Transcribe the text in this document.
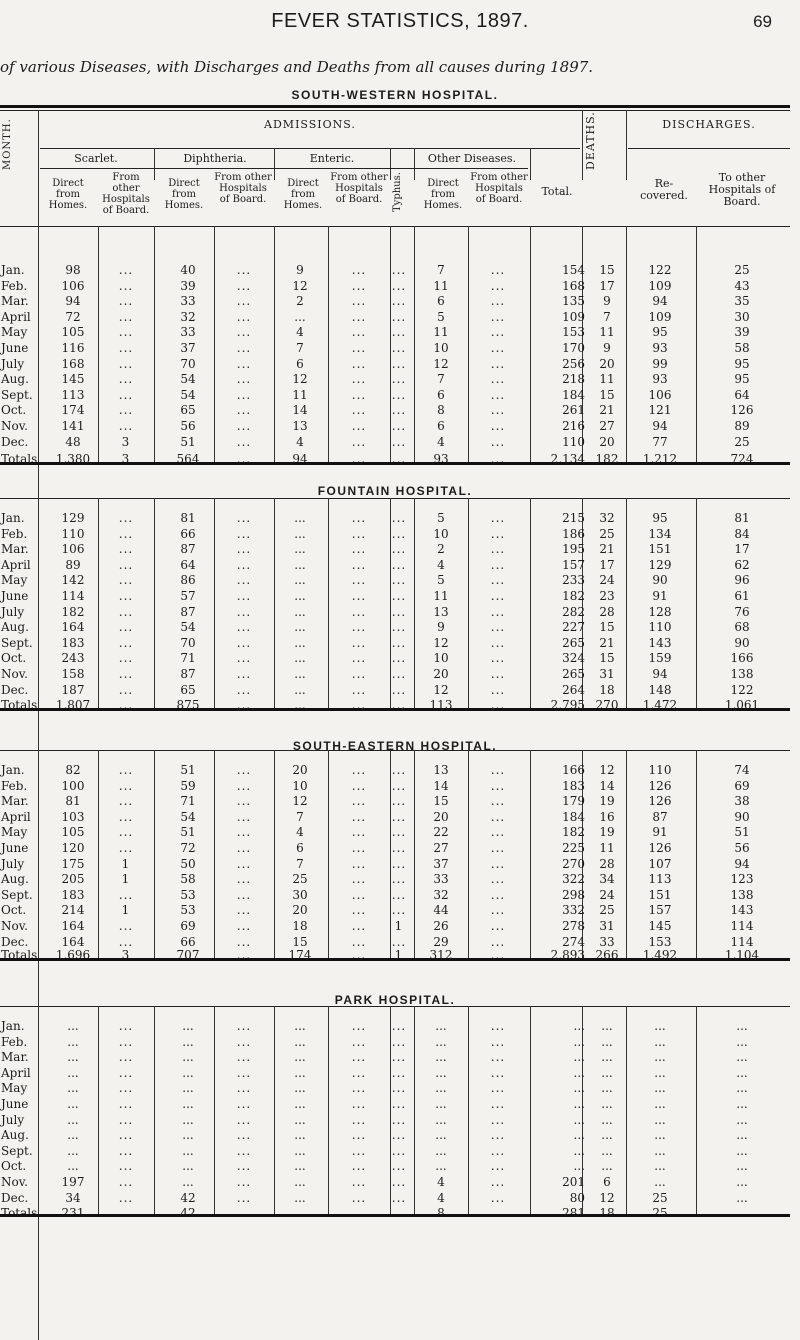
FEVER STATISTICS, 1897.	69
of various Diseases, with Discharges and Deaths from all causes during 1897.
MONTH.	ADMISSIONS.	DEATHS.	DISCHARGES.
Scarlet.	Diphtheria.	Enteric.
Typhus.
Other Diseases.
Direct from Homes.
From other Hospitals of Board.
Direct from Homes.
From other Hospitals of Board.
Direct from Homes.
From other Hospitals of Board.
Direct from Homes.
From other Hospitals of Board.
Total.
Re-covered.
To other Hospitals of Board.
SOUTH-WESTERN HOSPITAL.
Jan.	98	...	40	...	9	...	...	7	...	154	15	122	25
Feb.	106	...	39	...	12	...	...	11	...	168	17	109	43
Mar.	94	...	33	...	2	...	...	6	...	135	9	94	35
April	72	...	32	...	...	...	...	5	...	109	7	109	30
May	105	...	33	...	4	...	...	11	...	153	11	95	39
June	116	...	37	...	7	...	...	10	...	170	9	93	58
July	168	...	70	...	6	...	...	12	...	256	20	99	95
Aug.	145	...	54	...	12	...	...	7	...	218	11	93	95
Sept.	113	...	54	...	11	...	...	6	...	184	15	106	64
Oct.	174	...	65	...	14	...	...	8	...	261	21	121	126
Nov.	141	...	56	...	13	...	...	6	...	216	27	94	89
Dec.	48	3	51	...	4	...	...	4	...	110	20	77	25
Totals	1,380	3	564	...	94	...	...	93	...	2,134 182	1,212	724
FOUNTAIN HOSPITAL.
Jan.	129	...	81	...	...	...	...	5	...	215	32	95	81
Feb.	110	...	66	...	...	...	...	10	...	186	25	134	84
Mar.	106	...	87	...	...	...	...	2	...	195	21	151	17
April	89	...	64	...	...	...	...	4	...	157	17	129	62
May	142	...	86	...	...	...	...	5	...	233	24	90	96
June	114	...	57	...	...	...	...	11	...	182	23	91	61
July	182	...	87	...	...	...	...	13	...	282	28	128	76
Aug.	164	...	54	...	...	...	...	9	...	227	15	110	68
Sept.	183	...	70	...	...	...	...	12	...	265	21	143	90
Oct.	243	...	71	...	...	...	...	10	...	324	15	159	166
Nov.	158	...	87	...	...	...	...	20	...	265	31	94	138
Dec.	187	...	65	...	...	...	...	12	...	264	18	148	122
Totals	1,807	...	875	...	...	...	...	113	...	2,795 270	1,472	1,061
SOUTH-EASTERN HOSPITAL.
Jan.	82	...	51	...	20	...	...	13	...	166	12	110	74
Feb.	100	...	59	...	10	...	...	14	...	183	14	126	69
Mar.	81	...	71	...	12	...	...	15	...	179	19	126	38
April	103	...	54	...	7	...	...	20	...	184	16	87	90
May	105	...	51	...	4	...	...	22	...	182	19	91	51
June	120	...	72	...	6	...	...	27	...	225	11	126	56
July	175	1	50	...	7	...	...	37	...	270	28	107	94
Aug.	205	1	58	...	25	...	...	33	...	322	34	113	123
Sept.	183	...	53	...	30	...	...	32	...	298	24	151	138
Oct.	214	1	53	...	20	...	...	44	...	332	25	157	143
Nov.	164	...	69	...	18	...	1	26	...	278	31	145	114
Dec.	164	...	66	...	15	...	...	29	...	274	33	153	114
Totals	1,696	3	707	...	174	...	1	312	...	2,893 266	1,492	1,104
PARK HOSPITAL.
Jan.	...	...	...	...	...	...	...	...	...	...	...	...	...
Feb.	...	...	...	...	...	...	...	...	...	...	...	...	...
Mar.	...	...	...	...	...	...	...	...	...	...	...	...	...
April	...	...	...	...	...	...	...	...	...	...	...	...	...
May	...	...	...	...	...	...	...	...	...	...	...	...	...
June	...	...	...	...	...	...	...	...	...	...	...	...	...
July	...	...	...	...	...	...	...	...	...	...	...	...	...
Aug.	...	...	...	...	...	...	...	...	...	...	...	...	...
Sept.	...	...	...	...	...	...	...	...	...	...	...	...	...
Oct.	...	...	...	...	...	...	...	...	...	...	...	...	...
Nov.	197	...	...	...	...	...	...	4	...	201	6	...	...
Dec.	34	...	42	...	...	...	...	4	...	80	12	25	...
Totals	231	...	42	...	...	...	...	8	...	281	18	25	...
